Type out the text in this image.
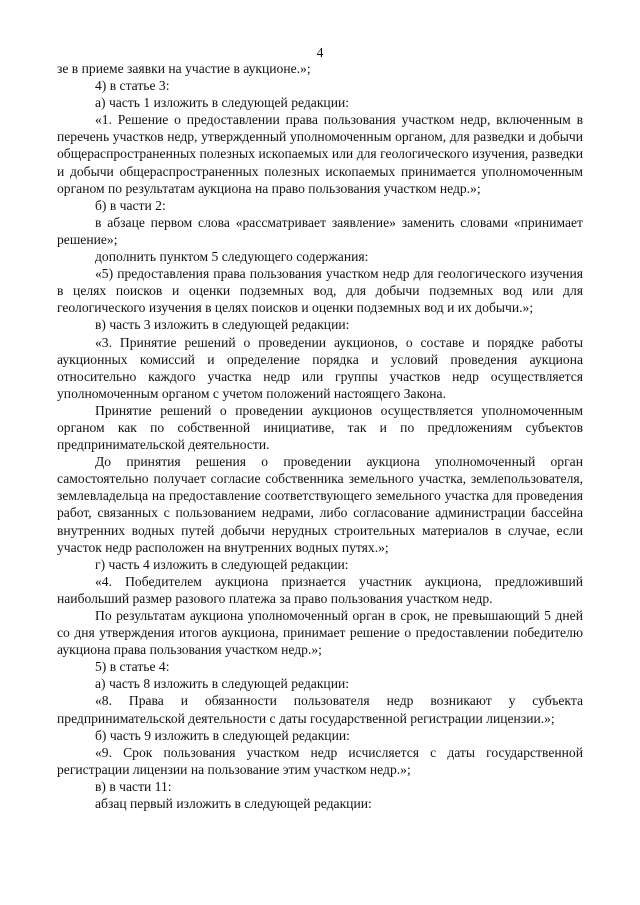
4

зе в приеме заявки на участие в аукционе.»;

4) в статье 3:

а) часть 1 изложить в следующей редакции:

«1. Решение о предоставлении права пользования участком недр, включенным в перечень участков недр, утвержденный уполномоченным органом, для разведки и добычи общераспространенных полезных ископаемых или для геологического изучения, разведки и добычи общераспространенных полезных ископаемых принимается уполномоченным органом по результатам аукциона на право пользования участком недр.»;

б) в части 2:

в абзаце первом слова «рассматривает заявление» заменить словами «принимает решение»;

дополнить пунктом 5 следующего содержания:

«5) предоставления права пользования участком недр для геологического изучения в целях поисков и оценки подземных вод, для добычи подземных вод или для геологического изучения в целях поисков и оценки подземных вод и их добычи.»;

в) часть 3 изложить в следующей редакции:

«3. Принятие решений о проведении аукционов, о составе и порядке работы аукционных комиссий и определение порядка и условий проведения аукциона относительно каждого участка недр или группы участков недр осуществляется уполномоченным органом с учетом положений настоящего Закона.

Принятие решений о проведении аукционов осуществляется уполномоченным органом как по собственной инициативе, так и по предложениям субъектов предпринимательской деятельности.

До принятия решения о проведении аукциона уполномоченный орган самостоятельно получает согласие собственника земельного участка, землепользователя, землевладельца на предоставление соответствующего земельного участка для проведения работ, связанных с пользованием недрами, либо согласование администрации бассейна внутренних водных путей добычи нерудных строительных материалов в случае, если участок недр расположен на внутренних водных путях.»;

г) часть 4 изложить в следующей редакции:

«4. Победителем аукциона признается участник аукциона, предложивший наибольший размер разового платежа за право пользования участком недр.

По результатам аукциона уполномоченный орган в срок, не превышающий 5 дней со дня утверждения итогов аукциона, принимает решение о предоставлении победителю аукциона права пользования участком недр.»;

5) в статье 4:

а) часть 8 изложить в следующей редакции:

«8. Права и обязанности пользователя недр возникают у субъекта предпринимательской деятельности с даты государственной регистрации лицензии.»;

б) часть 9 изложить в следующей редакции:

«9. Срок пользования участком недр исчисляется с даты государственной регистрации лицензии на пользование этим участком недр.»;

в) в части 11:

абзац первый изложить в следующей редакции:
